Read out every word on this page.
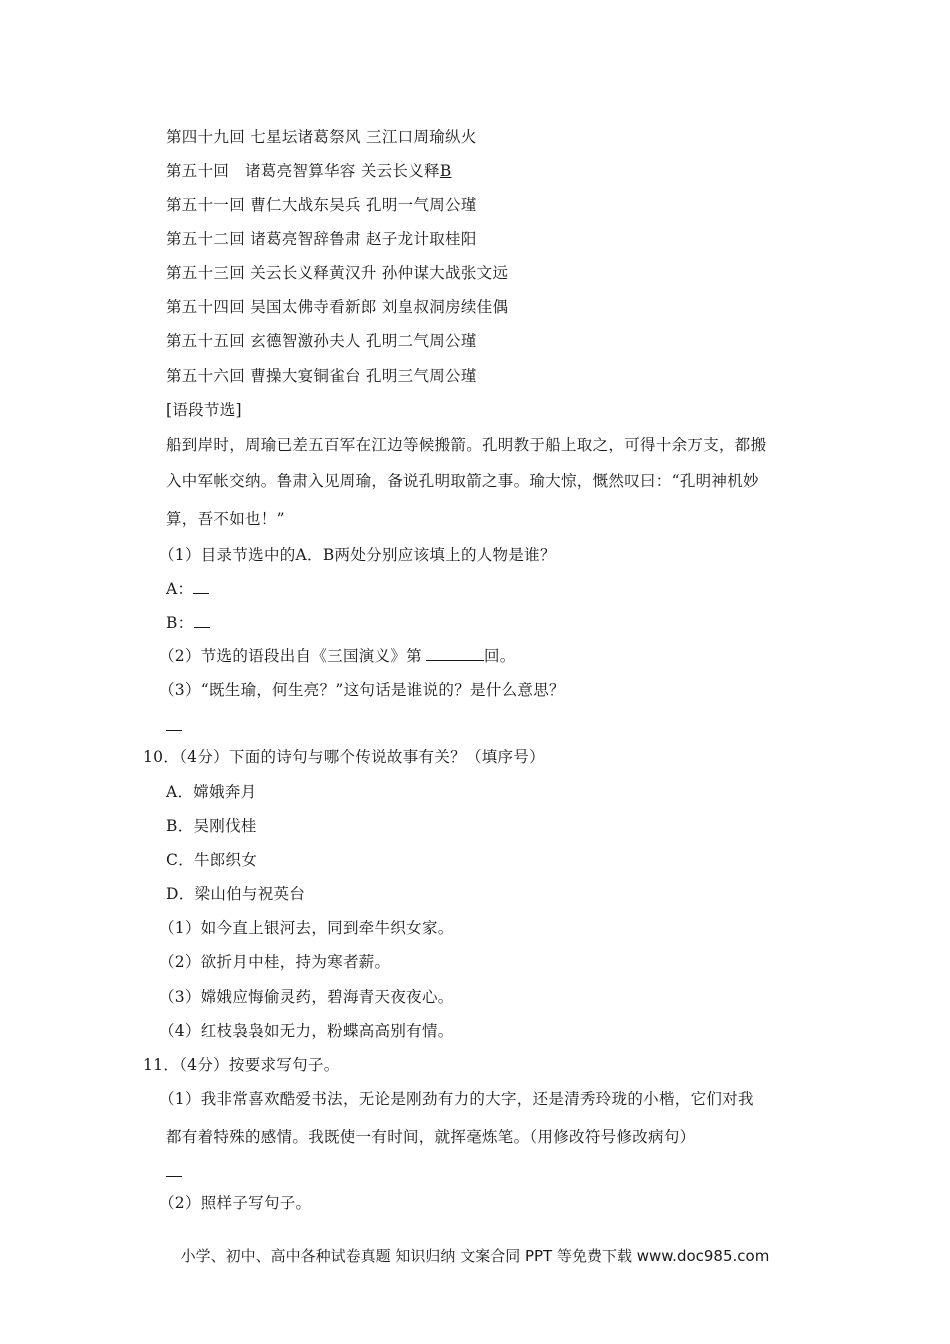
第四十九回 七星坛诸葛祭风 三江口周瑜纵火
第五十回　诸葛亮智算华容 关云长义释B
第五十一回 曹仁大战东吴兵 孔明一气周公瑾
第五十二回 诸葛亮智辞鲁肃 赵子龙计取桂阳
第五十三回 关云长义释黄汉升 孙仲谋大战张文远
第五十四回 吴国太佛寺看新郎 刘皇叔洞房续佳偶
第五十五回 玄德智激孙夫人 孔明二气周公瑾
第五十六回 曹操大宴铜雀台 孔明三气周公瑾
[语段节选]
船到岸时，周瑜已差五百军在江边等候搬箭。孔明教于船上取之，可得十余万支，都搬
入中军帐交纳。鲁肃入见周瑜，备说孔明取箭之事。瑜大惊，慨然叹曰：“孔明神机妙
算，吾不如也！”
（1）目录节选中的A．B两处分别应该填上的人物是谁？
A：
B：
（2）节选的语段出自《三国演义》第	回。
（3）“既生瑜，何生亮？”这句话是谁说的？是什么意思？
10．（4分）下面的诗句与哪个传说故事有关？（填序号）
A．嫦娥奔月
B．吴刚伐桂
C．牛郎织女
D．梁山伯与祝英台
（1）如今直上银河去，同到牵牛织女家。
（2）欲折月中桂，持为寒者薪。
（3）嫦娥应悔偷灵药，碧海青天夜夜心。
（4）红枝袅袅如无力，粉蝶高高别有情。
11．（4分）按要求写句子。
（1）我非常喜欢酷爱书法，无论是刚劲有力的大字，还是清秀玲珑的小楷，它们对我
都有着特殊的感情。我既使一有时间，就挥毫炼笔。（用修改符号修改病句）
（2）照样子写句子。
小学、初中、高中各种试卷真题 知识归纳 文案合同 PPT 等免费下载 www.doc985.com
